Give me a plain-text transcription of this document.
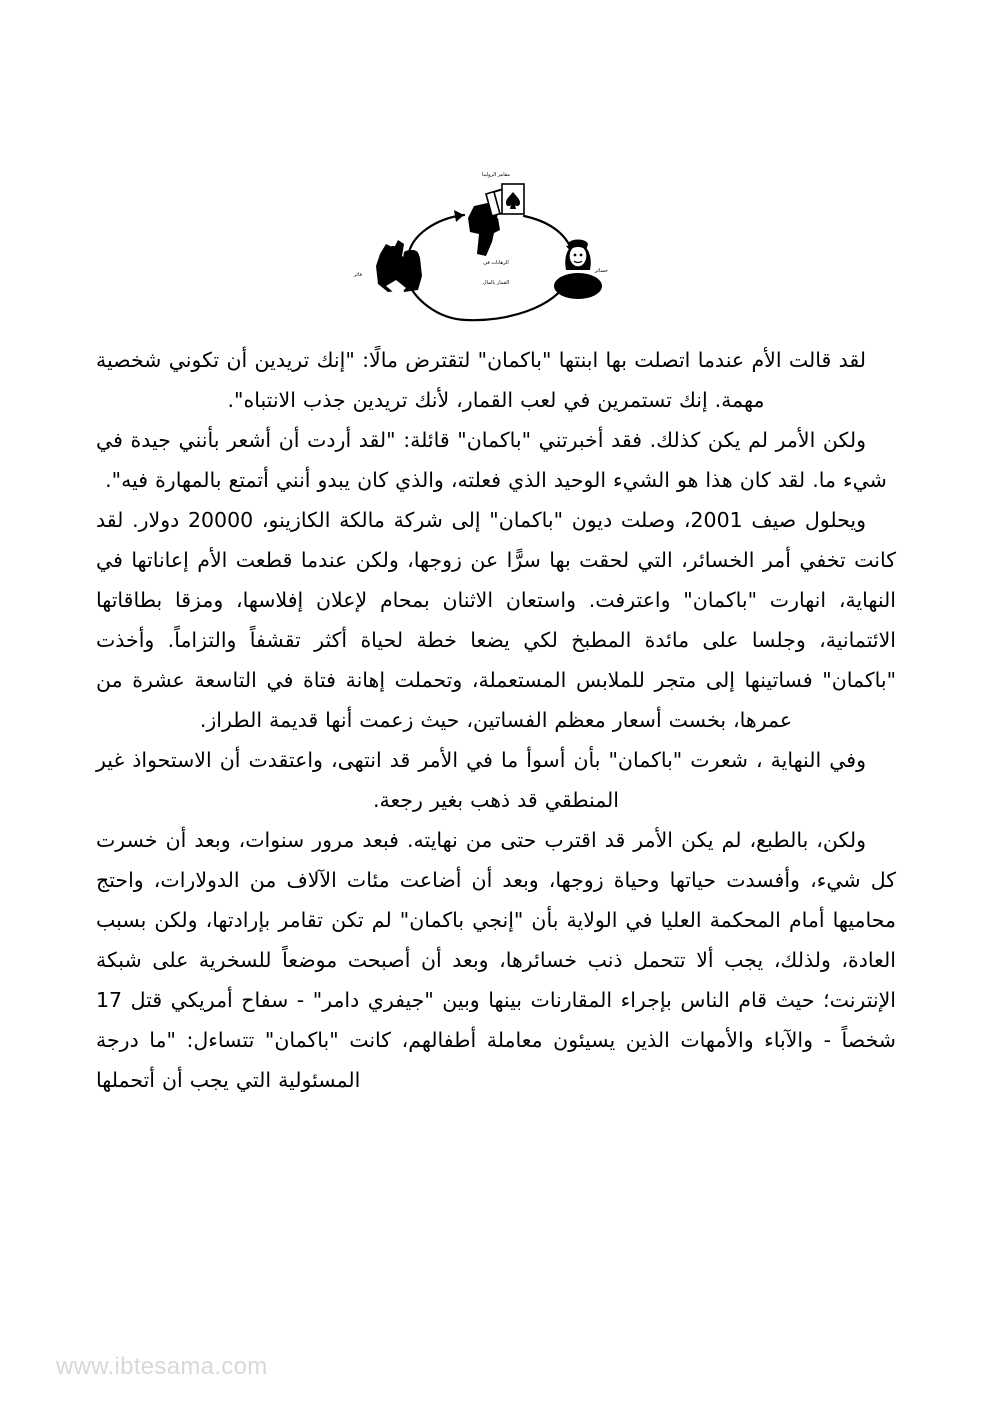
مقامر الرولينا
فائز
خسائر
الرهانات في
القمار بالمال

لقد قالت الأم عندما اتصلت بها ابنتها "باكمان" لتقترض مالًا: "إنك تريدين أن تكوني شخصية مهمة. إنك تستمرين في لعب القمار، لأنك تريدين جذب الانتباه".

ولكن الأمر لم يكن كذلك. فقد أخبرتني "باكمان" قائلة: "لقد أردت أن أشعر بأنني جيدة في شيء ما. لقد كان هذا هو الشيء الوحيد الذي فعلته، والذي كان يبدو أنني أتمتع بالمهارة فيه".

ويحلول صيف 2001، وصلت ديون "باكمان" إلى شركة مالكة الكازينو، 20000 دولار. لقد كانت تخفي أمر الخسائر، التي لحقت بها سرًّا عن زوجها، ولكن عندما قطعت الأم إعاناتها في النهاية، انهارت "باكمان" واعترفت. واستعان الاثنان بمحام لإعلان إفلاسها، ومزقا بطاقاتها الائتمانية، وجلسا على مائدة المطبخ لكي يضعا خطة لحياة أكثر تقشفاً والتزاماً. وأخذت "باكمان" فساتينها إلى متجر للملابس المستعملة، وتحملت إهانة فتاة في التاسعة عشرة من عمرها، بخست أسعار معظم الفساتين، حيث زعمت أنها قديمة الطراز.

وفي النهاية ، شعرت "باكمان" بأن أسوأ ما في الأمر قد انتهى، واعتقدت أن الاستحواذ غير المنطقي قد ذهب بغير رجعة.

ولكن، بالطبع، لم يكن الأمر قد اقترب حتى من نهايته. فبعد مرور سنوات، وبعد أن خسرت كل شيء، وأفسدت حياتها وحياة زوجها، وبعد أن أضاعت مئات الآلاف من الدولارات، واحتج محاميها أمام المحكمة العليا في الولاية بأن "إنجي باكمان" لم تكن تقامر بإرادتها، ولكن بسبب العادة، ولذلك، يجب ألا تتحمل ذنب خسائرها، وبعد أن أصبحت موضعاً للسخرية على شبكة الإنترنت؛ حيث قام الناس بإجراء المقارنات بينها وبين "جيفري دامر" - سفاح أمريكي قتل 17 شخصاً - والآباء والأمهات الذين يسيئون معاملة أطفالهم، كانت "باكمان" تتساءل: "ما درجة المسئولية التي يجب أن أتحملها

www.ibtesama.com
